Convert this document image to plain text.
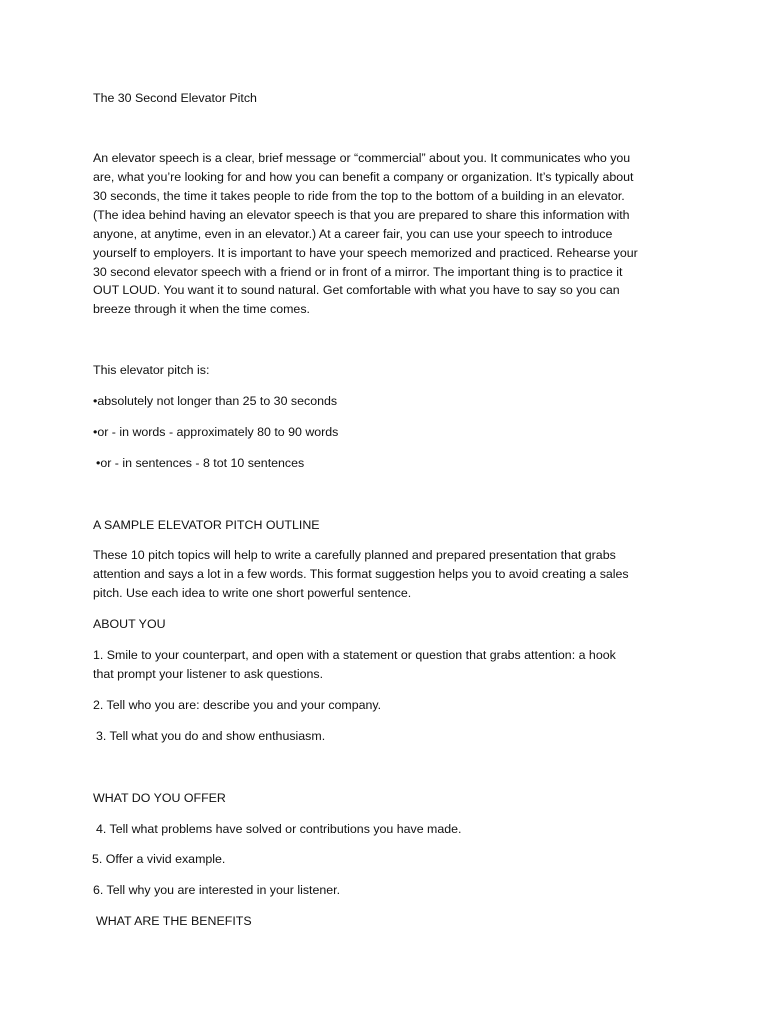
The 30 Second Elevator Pitch
An elevator speech is a clear, brief message or “commercial” about you. It communicates who you
are, what you’re looking for and how you can benefit a company or organization. It’s typically about
30 seconds, the time it takes people to ride from the top to the bottom of a building in an elevator.
(The idea behind having an elevator speech is that you are prepared to share this information with
anyone, at anytime, even in an elevator.) At a career fair, you can use your speech to introduce
yourself to employers. It is important to have your speech memorized and practiced. Rehearse your
30 second elevator speech with a friend or in front of a mirror. The important thing is to practice it
OUT LOUD. You want it to sound natural. Get comfortable with what you have to say so you can
breeze through it when the time comes.
This elevator pitch is:
•absolutely not longer than 25 to 30 seconds
•or - in words - approximately 80 to 90 words
•or - in sentences - 8 tot 10 sentences
A SAMPLE ELEVATOR PITCH OUTLINE
These 10 pitch topics will help to write a carefully planned and prepared presentation that grabs
attention and says a lot in a few words. This format suggestion helps you to avoid creating a sales
pitch. Use each idea to write one short powerful sentence.
ABOUT YOU
1. Smile to your counterpart, and open with a statement or question that grabs attention: a hook
that prompt your listener to ask questions.
2. Tell who you are: describe you and your company.
3. Tell what you do and show enthusiasm.
WHAT DO YOU OFFER
4. Tell what problems have solved or contributions you have made.
5. Offer a vivid example.
6. Tell why you are interested in your listener.
WHAT ARE THE BENEFITS
